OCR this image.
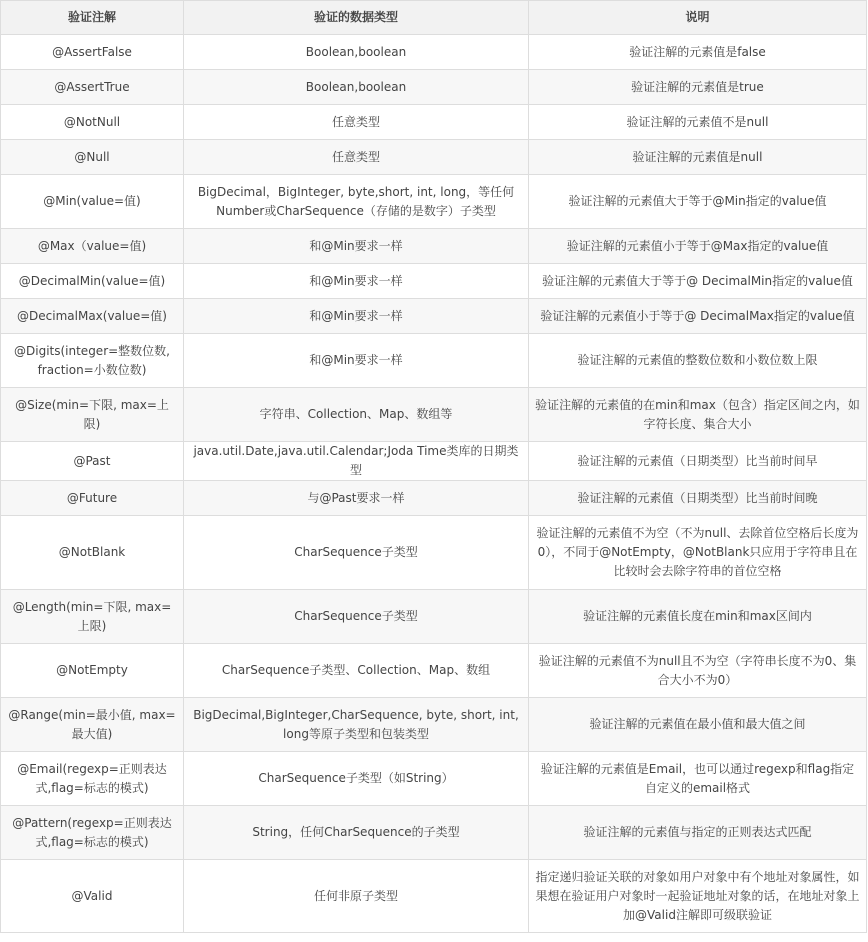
验证注解	验证的数据类型	说明
@AssertFalse	Boolean,boolean	验证注解的元素值是false
@AssertTrue	Boolean,boolean	验证注解的元素值是true
@NotNull	任意类型	验证注解的元素值不是null
@Null	任意类型	验证注解的元素值是null
@Min(value=值)	BigDecimal，BigInteger, byte,short, int, long，等任何Number或CharSequence（存储的是数字）子类型	验证注解的元素值大于等于@Min指定的value值
@Max（value=值)	和@Min要求一样	验证注解的元素值小于等于@Max指定的value值
@DecimalMin(value=值)	和@Min要求一样	验证注解的元素值大于等于@ DecimalMin指定的value值
@DecimalMax(value=值)	和@Min要求一样	验证注解的元素值小于等于@ DecimalMax指定的value值
@Digits(integer=整数位数, fraction=小数位数)	和@Min要求一样	验证注解的元素值的整数位数和小数位数上限
@Size(min=下限, max=上限)	字符串、Collection、Map、数组等	验证注解的元素值的在min和max（包含）指定区间之内，如字符长度、集合大小
@Past	java.util.Date,java.util.Calendar;Joda Time类库的日期类型	验证注解的元素值（日期类型）比当前时间早
@Future	与@Past要求一样	验证注解的元素值（日期类型）比当前时间晚
@NotBlank	CharSequence子类型	验证注解的元素值不为空（不为null、去除首位空格后长度为0），不同于@NotEmpty，@NotBlank只应用于字符串且在比较时会去除字符串的首位空格
@Length(min=下限, max=上限)	CharSequence子类型	验证注解的元素值长度在min和max区间内
@NotEmpty	CharSequence子类型、Collection、Map、数组	验证注解的元素值不为null且不为空（字符串长度不为0、集合大小不为0）
@Range(min=最小值, max=最大值)	BigDecimal,BigInteger,CharSequence, byte, short, int, long等原子类型和包装类型	验证注解的元素值在最小值和最大值之间
@Email(regexp=正则表达式,flag=标志的模式)	CharSequence子类型（如String）	验证注解的元素值是Email，也可以通过regexp和flag指定自定义的email格式
@Pattern(regexp=正则表达式,flag=标志的模式)	String，任何CharSequence的子类型	验证注解的元素值与指定的正则表达式匹配
@Valid	任何非原子类型	指定递归验证关联的对象如用户对象中有个地址对象属性，如果想在验证用户对象时一起验证地址对象的话，在地址对象上加@Valid注解即可级联验证
